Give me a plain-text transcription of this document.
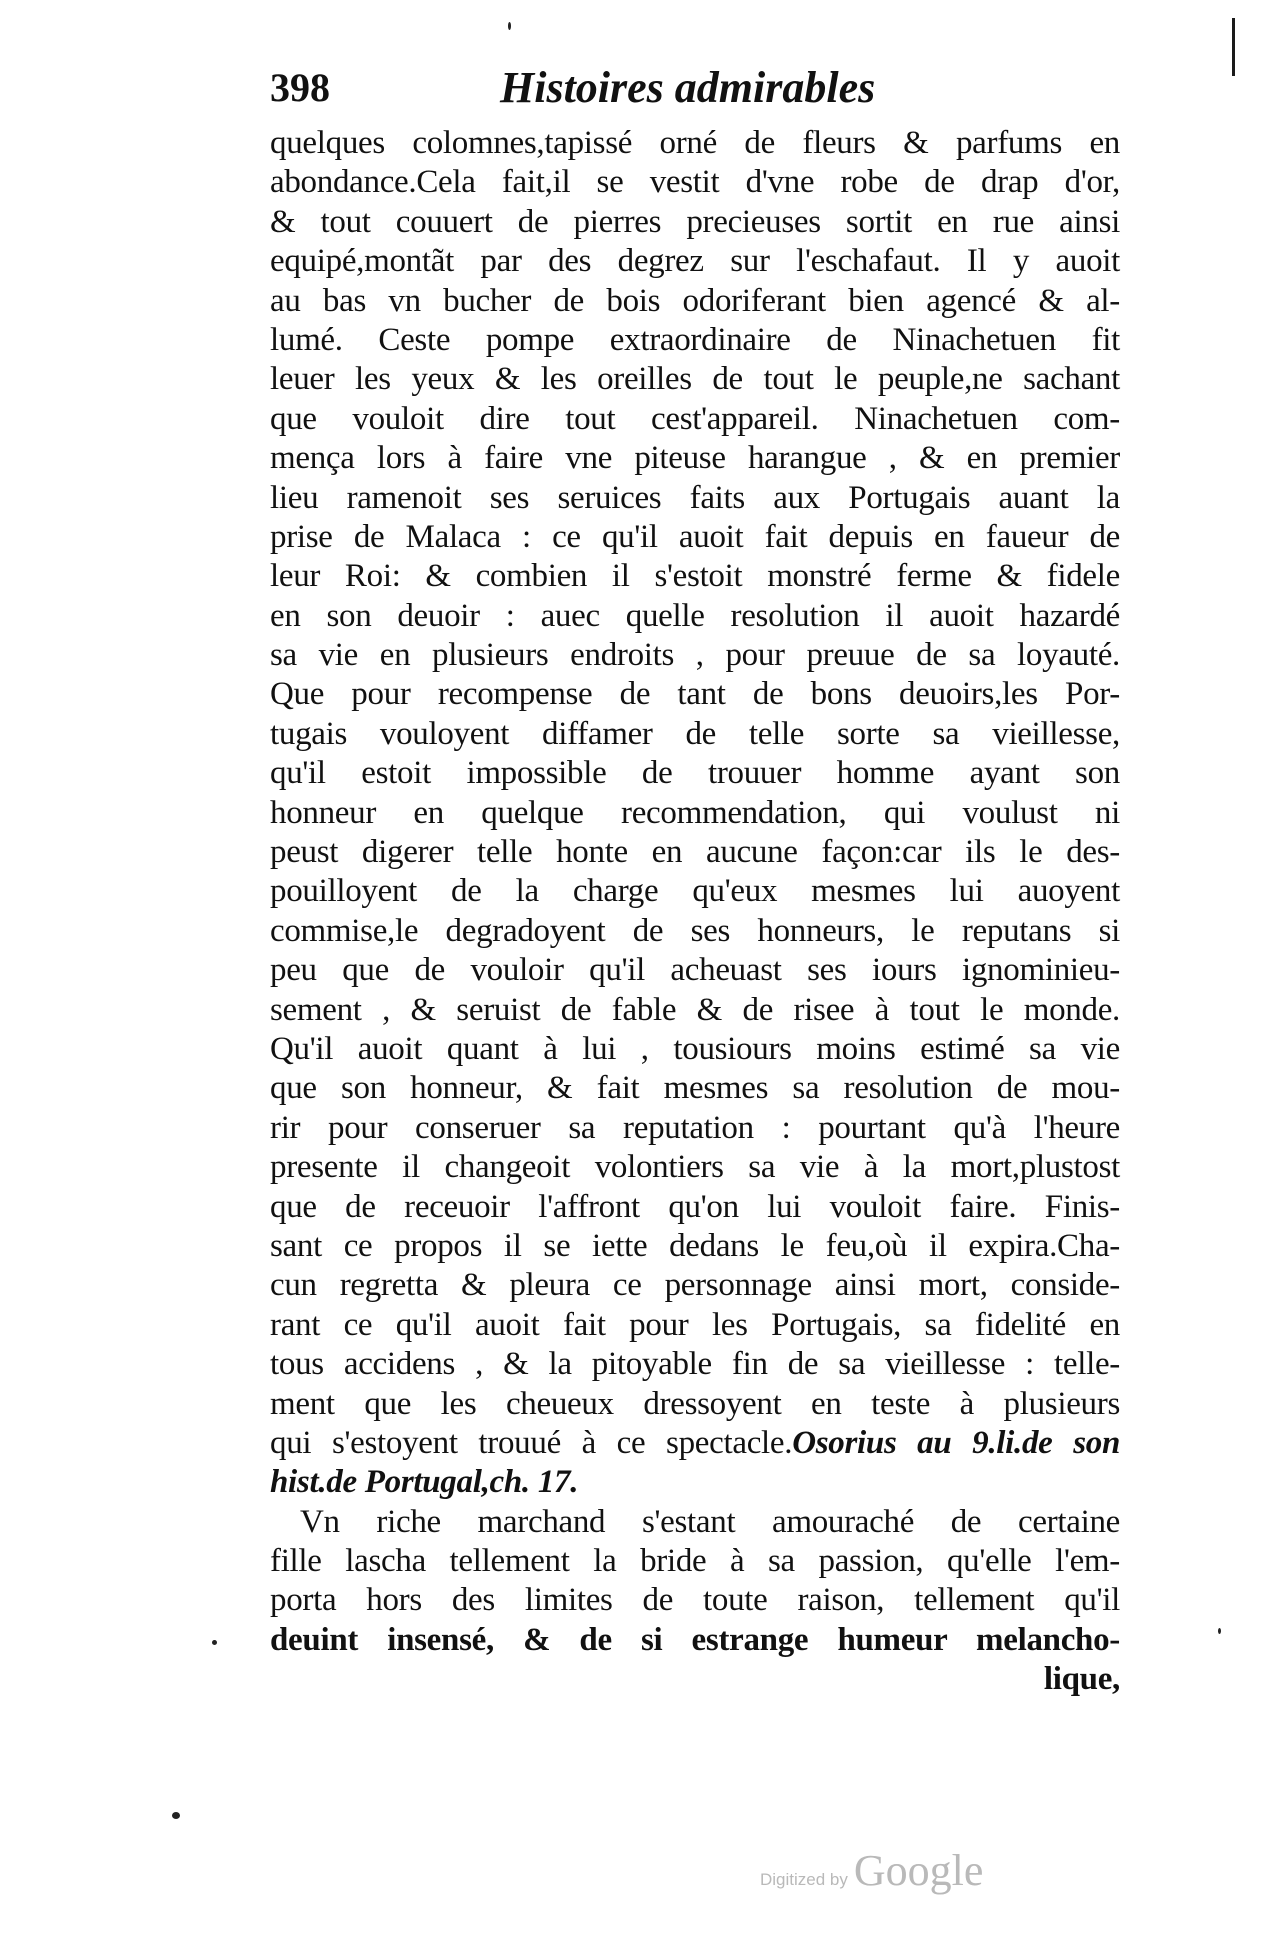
398	Histoires admirables
quelques colomnes,tapissé orné de fleurs & parfums en
abondance.Cela fait,il se vestit d'vne robe de drap d'or,
& tout couuert de pierres precieuses sortit en rue ainsi
equipé,montãt par des degrez sur l'eschafaut. Il y auoit
au bas vn bucher de bois odoriferant bien agencé & al-
lumé. Ceste pompe extraordinaire de Ninachetuen fit
leuer les yeux & les oreilles de tout le peuple,ne sachant
que vouloit dire tout cest'appareil. Ninachetuen com-
mença lors à faire vne piteuse harangue , & en premier
lieu ramenoit ses seruices faits aux Portugais auant la
prise de Malaca : ce qu'il auoit fait depuis en faueur de
leur Roi: & combien il s'estoit monstré ferme & fidele
en son deuoir : auec quelle resolution il auoit hazardé
sa vie en plusieurs endroits , pour preuue de sa loyauté.
Que pour recompense de tant de bons deuoirs,les Por-
tugais vouloyent diffamer de telle sorte sa vieillesse,
qu'il estoit impossible de trouuer homme ayant son
honneur en quelque recommendation, qui voulust ni
peust digerer telle honte en aucune façon:car ils le des-
pouilloyent de la charge qu'eux mesmes lui auoyent
commise,le degradoyent de ses honneurs, le reputans si
peu que de vouloir qu'il acheuast ses iours ignominieu-
sement , & seruist de fable & de risee à tout le monde.
Qu'il auoit quant à lui , tousiours moins estimé sa vie
que son honneur, & fait mesmes sa resolution de mou-
rir pour conseruer sa reputation : pourtant qu'à l'heure
presente il changeoit volontiers sa vie à la mort,plustost
que de receuoir l'affront qu'on lui vouloit faire. Finis-
sant ce propos il se iette dedans le feu,où il expira.Cha-
cun regretta & pleura ce personnage ainsi mort, conside-
rant ce qu'il auoit fait pour les Portugais, sa fidelité en
tous accidens , & la pitoyable fin de sa vieillesse : telle-
ment que les cheueux dressoyent en teste à plusieurs
qui s'estoyent trouué à ce spectacle.Osorius au 9.li.de son
hist.de Portugal,ch. 17.
Vn riche marchand s'estant amouraché de certaine
fille lascha tellement la bride à sa passion, qu'elle l'em-
porta hors des limites de toute raison, tellement qu'il
deuint insensé, & de si estrange humeur melancho-
lique,
Digitized by Google
